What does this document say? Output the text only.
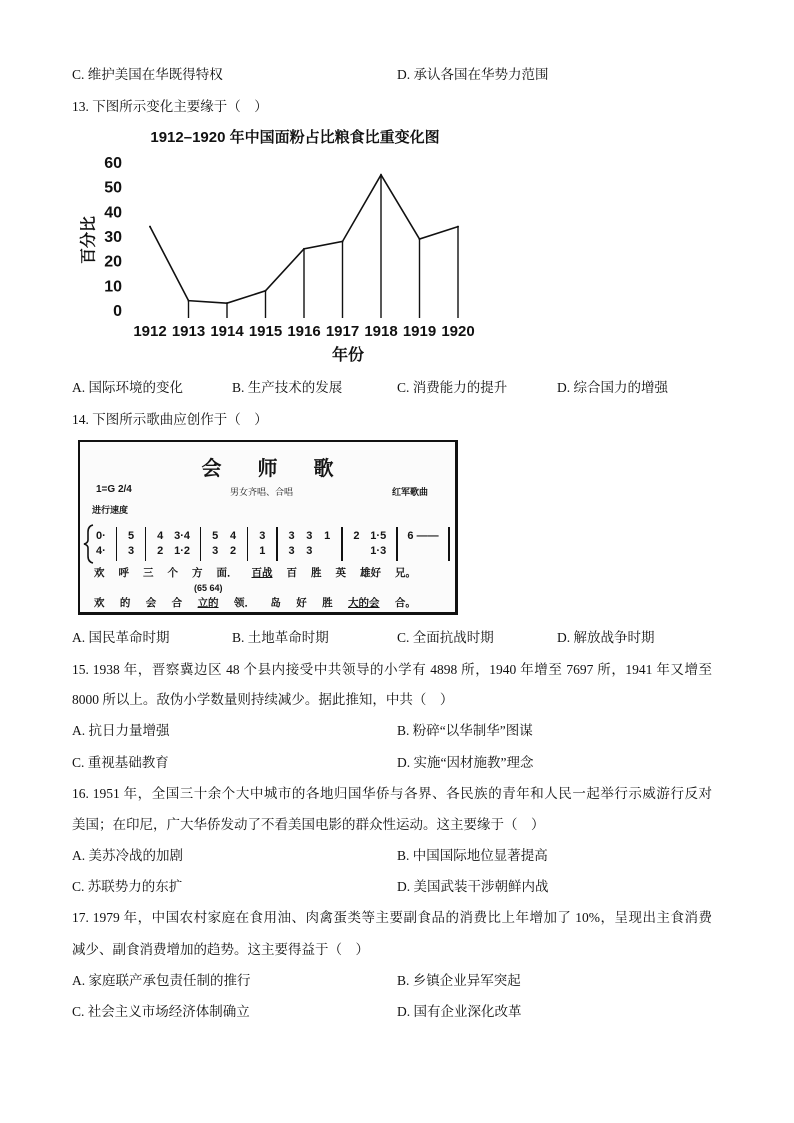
C. 维护美国在华既得特权	D. 承认各国在华势力范围
13. 下图所示变化主要缘于（　）
1912–1920 年中国面粉占比粮食比重变化图
年份
百分比
0
10
20
30
40
50
60
1912 1913 1914 1915 1916 1917 1918 1919 1920
A. 国际环境的变化	B. 生产技术的发展	C. 消费能力的提升	D. 综合国力的增强
14. 下图所示歌曲应创作于（　）
会师歌
1=G 2/4	男女齐唱、合唱	红军歌曲
进行速度
0·
4·
5
3
4
2
3·4
1·2
5
3
4
2
3
1
3
3
3
3
1
2
1·5
1·3
6 ——

(65 64)
欢 呼 三 个 方 面． 百战 百 胜 英 雄好 兄。
欢 的 会 合 立的 领． 岛 好 胜 大的会 合。
A. 国民革命时期	B. 土地革命时期	C. 全面抗战时期	D. 解放战争时期
15. 1938 年，晋察冀边区 48 个县内接受中共领导的小学有 4898 所，1940 年增至 7697 所，1941 年又增至
8000 所以上。敌伪小学数量则持续减少。据此推知，中共（　）
A. 抗日力量增强	B. 粉碎“以华制华”图谋
C. 重视基础教育	D. 实施“因材施教”理念
16. 1951 年，全国三十余个大中城市的各地归国华侨与各界、各民族的青年和人民一起举行示威游行反对
美国；在印尼，广大华侨发动了不看美国电影的群众性运动。这主要缘于（　）
A. 美苏冷战的加剧	B. 中国国际地位显著提高
C. 苏联势力的东扩	D. 美国武装干涉朝鲜内战
17. 1979 年，中国农村家庭在食用油、肉禽蛋类等主要副食品的消费比上年增加了 10%，呈现出主食消费
减少、副食消费增加的趋势。这主要得益于（　）
A. 家庭联产承包责任制的推行	B. 乡镇企业异军突起
C. 社会主义市场经济体制确立	D. 国有企业深化改革
